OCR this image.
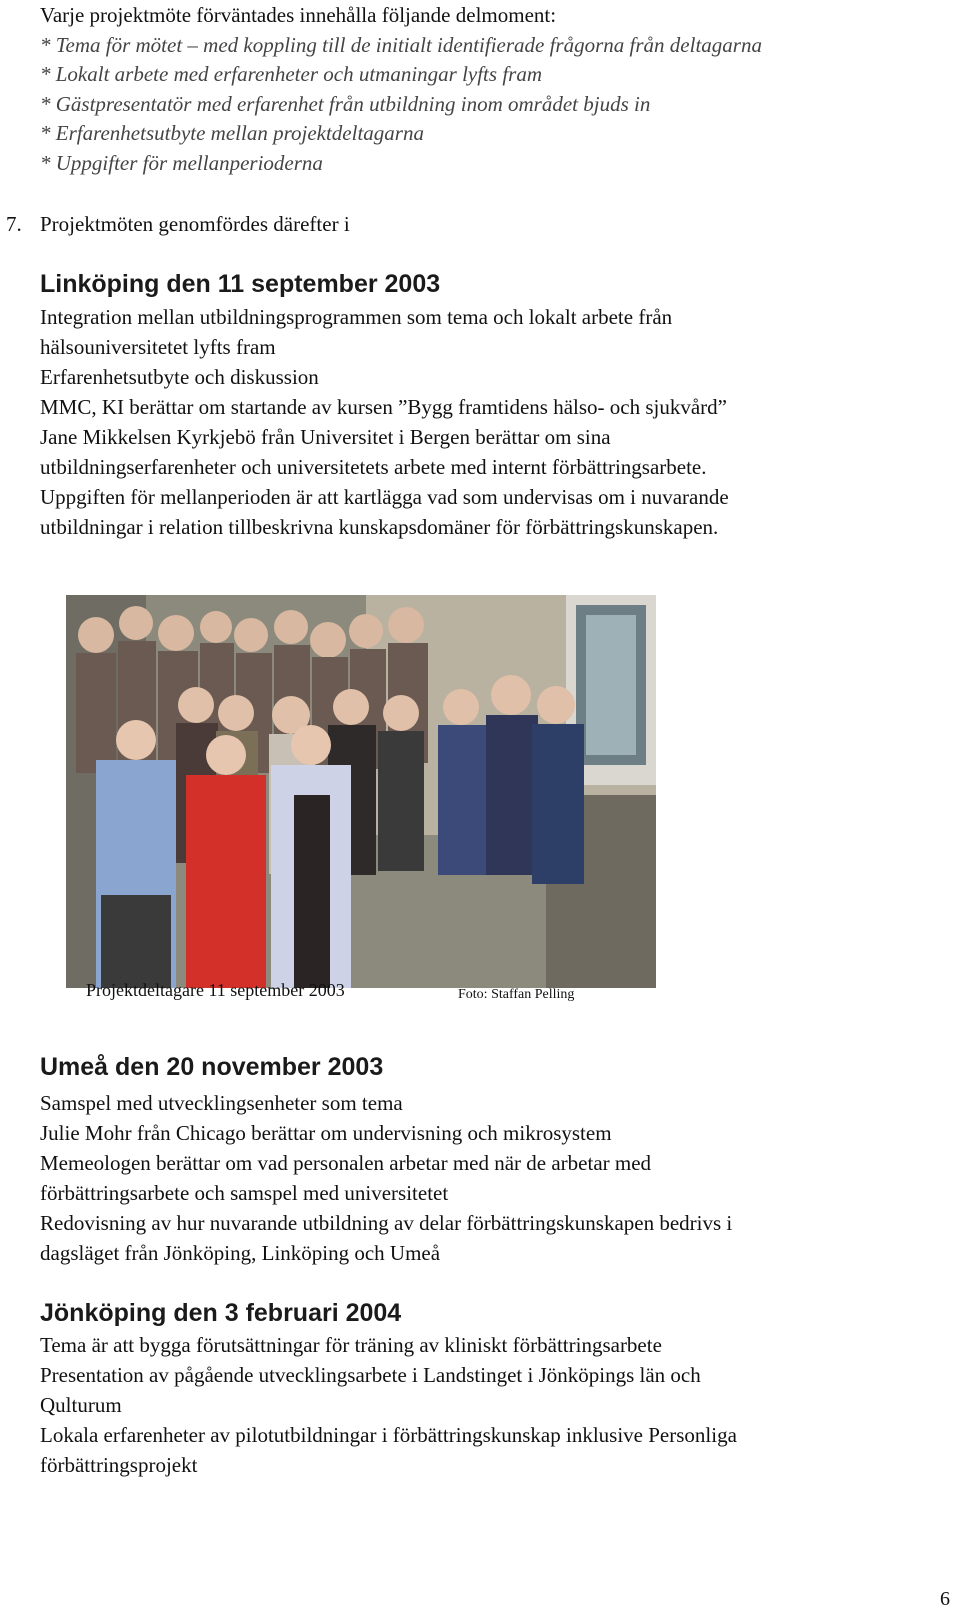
Varje projektmöte förväntades innehålla följande delmoment:
* Tema för mötet – med koppling till de initialt identifierade frågorna från deltagarna
* Lokalt arbete med erfarenheter och utmaningar lyfts fram
* Gästpresentatör med erfarenhet från utbildning inom området bjuds in
* Erfarenhetsutbyte mellan projektdeltagarna
* Uppgifter för mellanperioderna
7. Projektmöten genomfördes därefter i
Linköping den 11 september 2003
Integration mellan utbildningsprogrammen som tema och lokalt arbete från
hälsouniversitetet lyfts fram
Erfarenhetsutbyte och diskussion
MMC, KI berättar om startande av kursen ”Bygg framtidens hälso- och sjukvård”
Jane Mikkelsen Kyrkjebö från Universitet i Bergen berättar om sina
utbildningserfarenheter och universitetets arbete med internt förbättringsarbete.
Uppgiften för mellanperioden är att kartlägga vad som undervisas om i nuvarande
utbildningar i relation tillbeskrivna kunskapsdomäner för förbättringskunskapen.
Projektdeltagare 11 september 2003	Foto: Staffan Pelling
Umeå den 20 november 2003
Samspel med utvecklingsenheter som tema
Julie Mohr från Chicago berättar om undervisning och mikrosystem
Memeologen berättar om vad personalen arbetar med när de arbetar med
förbättringsarbete och samspel med universitetet
Redovisning av hur nuvarande utbildning av delar förbättringskunskapen bedrivs i
dagsläget från Jönköping, Linköping och Umeå
Jönköping den 3 februari 2004
Tema är att bygga förutsättningar för träning av kliniskt förbättringsarbete
Presentation av pågående utvecklingsarbete i Landstinget i Jönköpings län och
Qulturum
Lokala erfarenheter av pilotutbildningar i förbättringskunskap inklusive Personliga
förbättringsprojekt
6
